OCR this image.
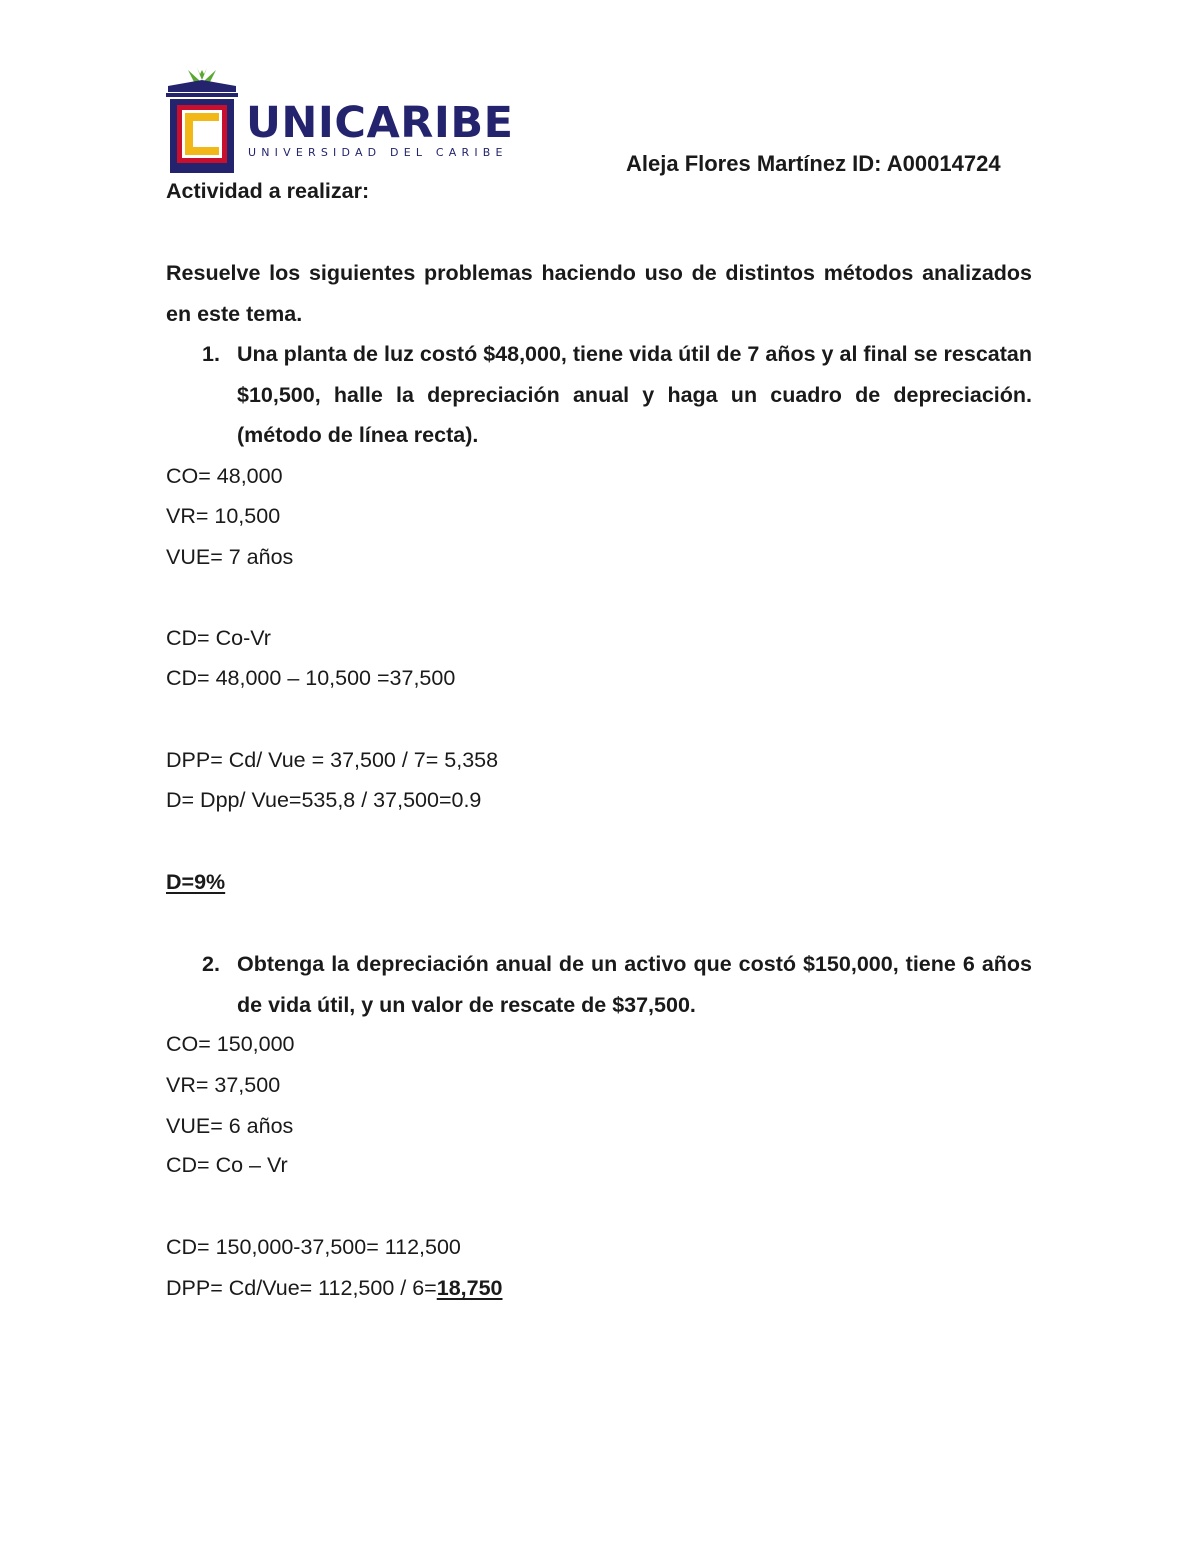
UNICARIBE
UNIVERSIDAD DEL CARIBE	Aleja Flores Martínez ID: A00014724
Actividad a realizar:
Resuelve los siguientes problemas haciendo uso de distintos métodos analizados en este tema.
1. Una planta de luz costó $48,000, tiene vida útil de 7 años y al final se rescatan $10,500, halle la depreciación anual y haga un cuadro de depreciación. (método de línea recta).
CO= 48,000
VR= 10,500
VUE= 7 años
CD= Co-Vr
CD= 48,000 – 10,500 =37,500
DPP= Cd/ Vue = 37,500 / 7= 5,358
D= Dpp/ Vue=535,8 / 37,500=0.9
D=9%
2. Obtenga la depreciación anual de un activo que costó $150,000, tiene 6 años de vida útil, y un valor de rescate de $37,500.
CO= 150,000
VR= 37,500
VUE= 6 años
CD= Co – Vr
CD= 150,000-37,500= 112,500
DPP= Cd/Vue= 112,500 / 6=18,750
